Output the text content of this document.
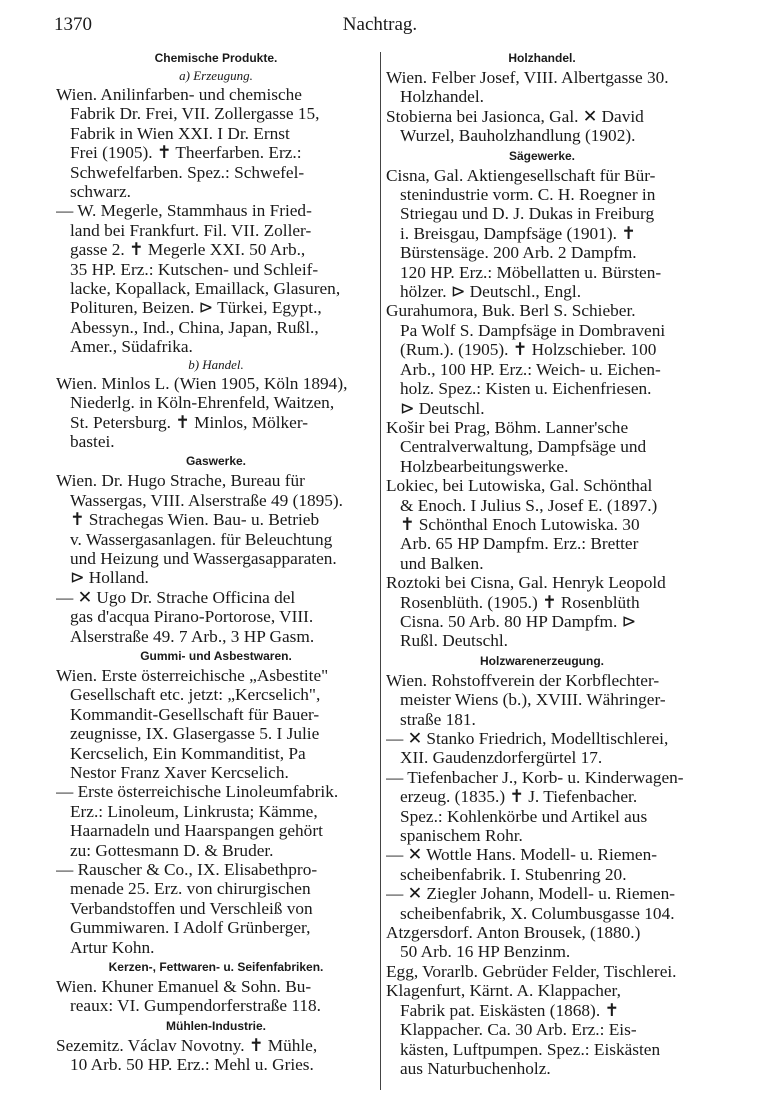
1370	Nachtrag.
Chemische Produkte.
a) Erzeugung.
Wien. Anilinfarben- und chemische
Fabrik Dr. Frei, VII. Zollergasse 15,
Fabrik in Wien XXI. I Dr. Ernst
Frei (1905). ✝ Theerfarben. Erz.:
Schwefelfarben. Spez.: Schwefel-
schwarz.
— W. Megerle, Stammhaus in Fried-
land bei Frankfurt. Fil. VII. Zoller-
gasse 2. ✝ Megerle XXI. 50 Arb.,
35 HP. Erz.: Kutschen- und Schleif-
lacke, Kopallack, Emaillack, Glasuren,
Polituren, Beizen. ⊳ Türkei, Egypt.,
Abessyn., Ind., China, Japan, Rußl.,
Amer., Südafrika.
b) Handel.
Wien. Minlos L. (Wien 1905, Köln 1894),
Niederlg. in Köln-Ehrenfeld, Waitzen,
St. Petersburg. ✝ Minlos, Mölker-
bastei.
Gaswerke.
Wien. Dr. Hugo Strache, Bureau für
Wassergas, VIII. Alserstraße 49 (1895).
✝ Strachegas Wien. Bau- u. Betrieb
v. Wassergasanlagen. für Beleuchtung
und Heizung und Wassergasapparaten.
⊳ Holland.
— ✕ Ugo Dr. Strache Officina del
gas d'acqua Pirano-Portorose, VIII.
Alserstraße 49. 7 Arb., 3 HP Gasm.
Gummi- und Asbestwaren.
Wien. Erste österreichische „Asbestite"
Gesellschaft etc. jetzt: „Kercselich",
Kommandit-Gesellschaft für Bauer-
zeugnisse, IX. Glasergasse 5. I Julie
Kercselich, Ein Kommanditist, Pa
Nestor Franz Xaver Kercselich.
— Erste österreichische Linoleumfabrik.
Erz.: Linoleum, Linkrusta; Kämme,
Haarnadeln und Haarspangen gehört
zu: Gottesmann D. & Bruder.
— Rauscher & Co., IX. Elisabethpro-
menade 25. Erz. von chirurgischen
Verbandstoffen und Verschleiß von
Gummiwaren. I Adolf Grünberger,
Artur Kohn.
Kerzen-, Fettwaren- u. Seifenfabriken.
Wien. Khuner Emanuel & Sohn. Bu-
reaux: VI. Gumpendorferstraße 118.
Mühlen-Industrie.
Sezemitz. Václav Novotny. ✝ Mühle,
10 Arb. 50 HP. Erz.: Mehl u. Gries.
Holzhandel.
Wien. Felber Josef, VIII. Albertgasse 30.
Holzhandel.
Stobierna bei Jasionca, Gal. ✕ David
Wurzel, Bauholzhandlung (1902).
Sägewerke.
Cisna, Gal. Aktiengesellschaft für Bür-
stenindustrie vorm. C. H. Roegner in
Striegau und D. J. Dukas in Freiburg
i. Breisgau, Dampfsäge (1901). ✝
Bürstensäge. 200 Arb. 2 Dampfm.
120 HP. Erz.: Möbellatten u. Bürsten-
hölzer. ⊳ Deutschl., Engl.
Gurahumora, Buk. Berl S. Schieber.
Pa Wolf S. Dampfsäge in Dombraveni
(Rum.). (1905). ✝ Holzschieber. 100
Arb., 100 HP. Erz.: Weich- u. Eichen-
holz. Spez.: Kisten u. Eichenfriesen.
⊳ Deutschl.
Košir bei Prag, Böhm. Lanner'sche
Centralverwaltung, Dampfsäge und
Holzbearbeitungswerke.
Lokiec, bei Lutowiska, Gal. Schönthal
& Enoch. I Julius S., Josef E. (1897.)
✝ Schönthal Enoch Lutowiska. 30
Arb. 65 HP Dampfm. Erz.: Bretter
und Balken.
Roztoki bei Cisna, Gal. Henryk Leopold
Rosenblüth. (1905.) ✝ Rosenblüth
Cisna. 50 Arb. 80 HP Dampfm. ⊳
Rußl. Deutschl.
Holzwarenerzeugung.
Wien. Rohstoffverein der Korbflechter-
meister Wiens (b.), XVIII. Währinger-
straße 181.
— ✕ Stanko Friedrich, Modelltischlerei,
XII. Gaudenzdorfergürtel 17.
— Tiefenbacher J., Korb- u. Kinderwagen-
erzeug. (1835.) ✝ J. Tiefenbacher.
Spez.: Kohlenkörbe und Artikel aus
spanischem Rohr.
— ✕ Wottle Hans. Modell- u. Riemen-
scheibenfabrik. I. Stubenring 20.
— ✕ Ziegler Johann, Modell- u. Riemen-
scheibenfabrik, X. Columbusgasse 104.
Atzgersdorf. Anton Brousek, (1880.)
50 Arb. 16 HP Benzinm.
Egg, Vorarlb. Gebrüder Felder, Tischlerei.
Klagenfurt, Kärnt. A. Klappacher,
Fabrik pat. Eiskästen (1868). ✝
Klappacher. Ca. 30 Arb. Erz.: Eis-
kästen, Luftpumpen. Spez.: Eiskästen
aus Naturbuchenholz.
